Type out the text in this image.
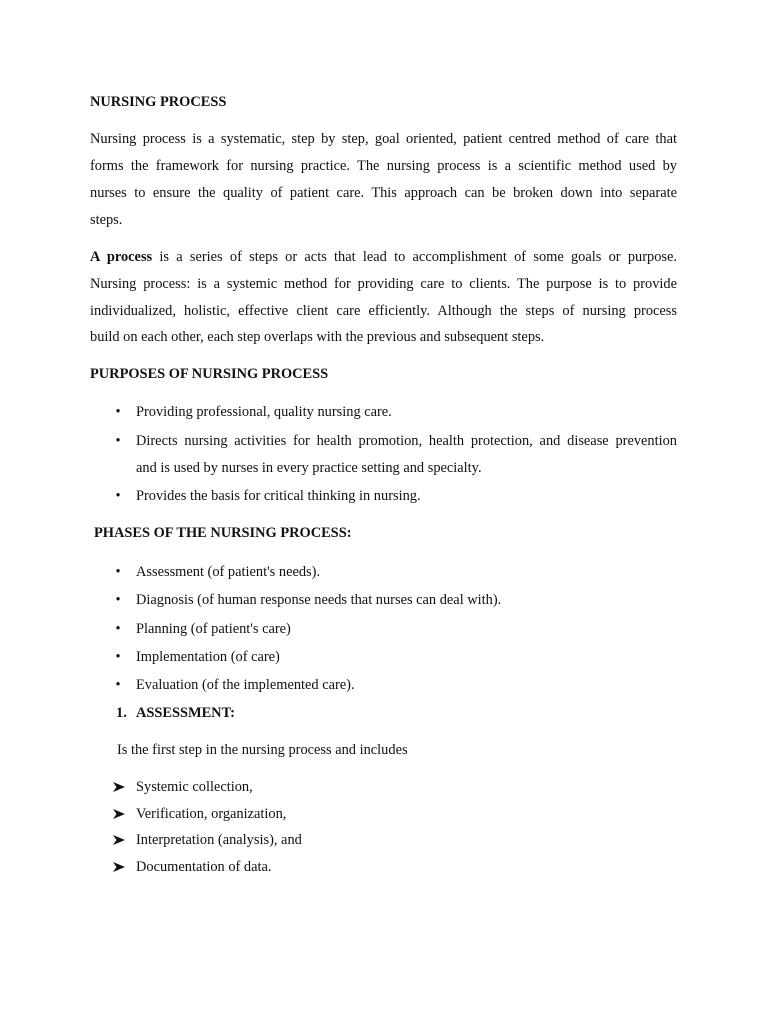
NURSING PROCESS
Nursing process is a systematic, step by step, goal oriented, patient centred method of care that
forms the framework for nursing practice. The nursing process is a scientific method used by
nurses to ensure the quality of patient care. This approach can be broken down into separate
steps.
A process is a series of steps or acts that lead to accomplishment of some goals or purpose.
Nursing process: is a systemic method for providing care to clients. The purpose is to provide
individualized, holistic, effective client care efficiently. Although the steps of nursing process
build on each other, each step overlaps with the previous and subsequent steps.
PURPOSES OF NURSING PROCESS
• Providing professional, quality nursing care.
• Directs nursing activities for health promotion, health protection, and disease prevention
and is used by nurses in every practice setting and specialty.
• Provides the basis for critical thinking in nursing.
PHASES OF THE NURSING PROCESS:
• Assessment (of patient's needs).
• Diagnosis (of human response needs that nurses can deal with).
• Planning (of patient's care)
• Implementation (of care)
• Evaluation (of the implemented care).
1. ASSESSMENT:
Is the first step in the nursing process and includes
Systemic collection,
Verification, organization,
Interpretation (analysis), and
Documentation of data.
